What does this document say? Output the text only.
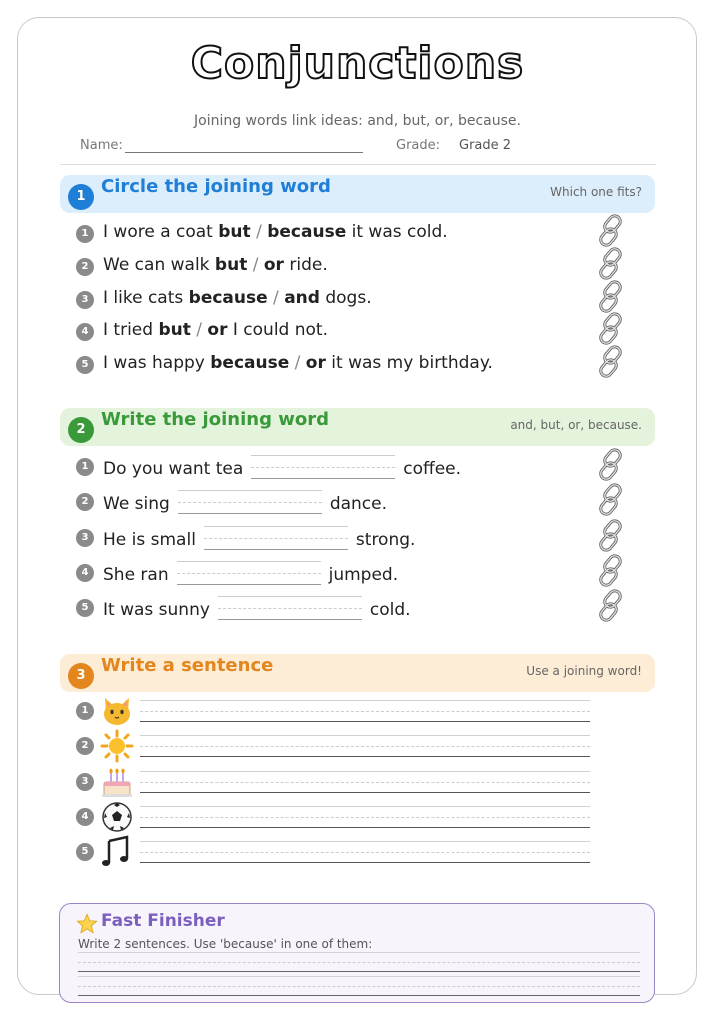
Conjunctions
Joining words link ideas: and, but, or, because.
Name:	Grade: Grade 2
1 Circle the joining word	Which one fits?
1 I wore a coat but / because it was cold.
2 We can walk but / or ride.
3 I like cats because / and dogs.
4 I tried but / or I could not.
5 I was happy because / or it was my birthday.
2 Write the joining word	and, but, or, because.
1 Do you want tea	coffee.
2 We sing	dance.
3 He is small	strong.
4 She ran	jumped.
5 It was sunny	cold.
3 Write a sentence	Use a joining word!
1
2
3
4
5
Fast Finisher
Write 2 sentences. Use 'because' in one of them:
